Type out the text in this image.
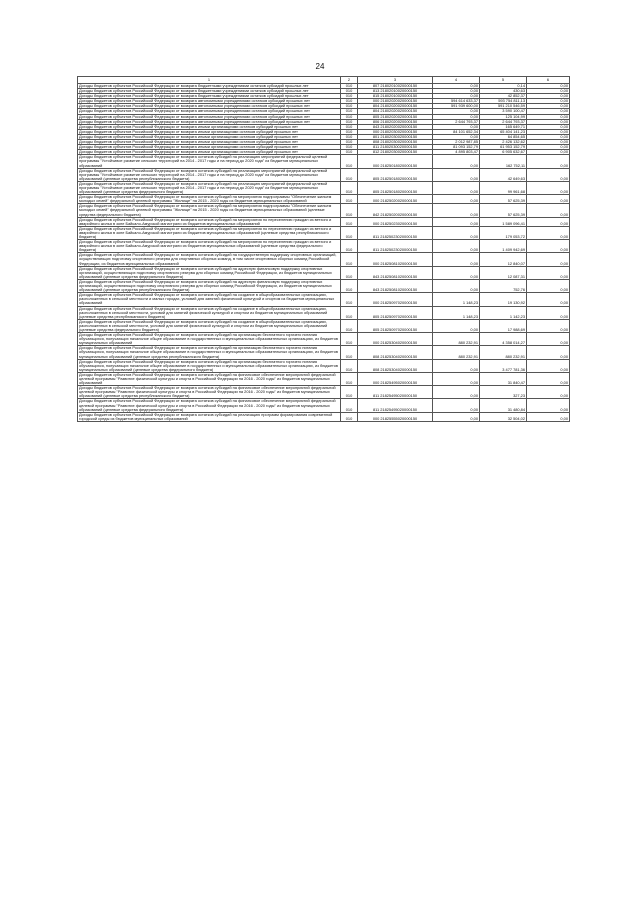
24
1	2	3	4	5	6
Доходы бюджетов субъектов Российской Федерации от возврата бюджетными учреждениями остатков субсидий прошлых лет	010	807 21802010020000150	0,00	0,14	0,00
Доходы бюджетов субъектов Российской Федерации от возврата бюджетными учреждениями остатков субсидий прошлых лет	010	813 21802010020000150	0,00	430,63	0,00
Доходы бюджетов субъектов Российской Федерации от возврата бюджетными учреждениями остатков субсидий прошлых лет	010	815 21802010020000150	0,00	42 852,37	0,00
Доходы бюджетов субъектов Российской Федерации от возврата автономными учреждениями остатков субсидий прошлых лет	010	000 21802020020000150	594 614 633,37	593 754 811,13	0,00
Доходы бюджетов субъектов Российской Федерации от возврата автономными учреждениями остатков субсидий прошлых лет	010	804 21802020020000150	591 939 600,00	591 210 546,59	0,00
Доходы бюджетов субъектов Российской Федерации от возврата автономными учреждениями остатков субсидий прошлых лет	010	804 21802020020000150	0,00	3 590 100,47	0,00
Доходы бюджетов субъектов Российской Федерации от возврата автономными учреждениями остатков субсидий прошлых лет	010	805 21802020020000150	0,00	125 104,99	0,00
Доходы бюджетов субъектов Российской Федерации от возврата автономными учреждениями остатков субсидий прошлых лет	010	806 21802020020000150	2 644 793,37	2 644 793,37	0,00
Доходы бюджетов субъектов Российской Федерации от возврата иными организациями остатков субсидий прошлых лет	010	843 21802020020000150	0,00	165 649,71	0,00
Доходы бюджетов субъектов Российской Федерации от возврата иными организациями остатков субсидий прошлых лет	010	000 21802030020000150	84 101 652,34	65 404 141,23	0,00
Доходы бюджетов субъектов Российской Федерации от возврата иными организациями остатков субсидий прошлых лет	010	801 21802030020000150	0,00	64 854,65	0,00
Доходы бюджетов субъектов Российской Федерации от возврата иными организациями остатков субсидий прошлых лет	010	808 21802030020000150	2 012 987,85	2 426 132,62	0,00
Доходы бюджетов субъектов Российской Федерации от возврата иными организациями остатков субсидий прошлых лет	010	811 21802030020000150	81 093 152,79	61 953 152,79	0,00
Доходы бюджетов субъектов Российской Федерации от возврата иными организациями остатков субсидий прошлых лет	010	812 21802030020000150	4 895 803,47	6 905 632,67	0,00
Доходы бюджетов субъектов Российской Федерации от возврата остатков субсидий на реализацию мероприятий федеральной целевой программы "Устойчивое развитие сельских территорий на 2014 - 2017 годы и на период до 2020 года" из бюджетов муниципальных образований	010	000 21825018020000150	0,00	162 752,11	0,00
Доходы бюджетов субъектов Российской Федерации от возврата остатков субсидий на реализацию мероприятий федеральной целевой программы "Устойчивое развитие сельских территорий на 2014 - 2017 годы и на период до 2020 года" из бюджетов муниципальных образований (целевые средства республиканского бюджета)	010	805 21825018020000150	0,00	42 649,63	0,00
Доходы бюджетов субъектов Российской Федерации от возврата остатков субсидий на реализацию мероприятий федеральной целевой программы "Устойчивое развитие сельских территорий на 2014 - 2017 годы и на период до 2020 года" из бюджетов муниципальных образований (целевые средства федерального бюджета)	010	805 21825018020000150	0,00	99 961,68	0,00
Доходы бюджетов субъектов Российской Федерации от возврата остатков субсидий на мероприятия подпрограммы "Обеспечение жильем молодых семей" федеральной целевой программы "Жилище" на 2015 - 2020 годы из бюджетов муниципальных образований	010	000 21825020020000150	0,00	57 625,39	0,00
Доходы бюджетов субъектов Российской Федерации от возврата остатков субсидий на мероприятия подпрограммы "Обеспечение жильем молодых семей" федеральной целевой программы "Жилище" на 2015 - 2020 годы из бюджетов муниципальных образований (целевые средства федерального бюджета)	010	842 21825020020000150	0,00	57 625,39	0,00
Доходы бюджетов субъектов Российской Федерации от возврата остатков субсидий на мероприятия по переселению граждан из ветхого и аварийного жилья в зоне Байкало-Амурской магистрали из бюджетов муниципальных образований	010	000 21825023020000150	0,00	1 589 096,41	0,00
Доходы бюджетов субъектов Российской Федерации от возврата остатков субсидий на мероприятия по переселению граждан из ветхого и аварийного жилья в зоне Байкало-Амурской магистрали из бюджетов муниципальных образований (целевые средства республиканского бюджета)	010	811 21825023020000150	0,00	179 053,72	0,00
Доходы бюджетов субъектов Российской Федерации от возврата остатков субсидий на мероприятия по переселению граждан из ветхого и аварийного жилья в зоне Байкало-Амурской магистрали из бюджетов муниципальных образований (целевые средства федерального бюджета)	010	811 21825023020000150	0,00	1 409 942,69	0,00
Доходы бюджетов субъектов Российской Федерации от возврата остатков субсидий на государственную поддержку спортивных организаций, осуществляющих подготовку спортивного резерва для спортивных сборных команд, в том числе спортивных сборных команд Российской Федерации, из бюджетов муниципальных образований	010	000 21825081020000150	0,00	12 840,07	0,00
Доходы бюджетов субъектов Российской Федерации от возврата остатков субсидий на адресную финансовую поддержку спортивных организаций, осуществляющих подготовку спортивного резерва для сборных команд Российской Федерации, из бюджетов муниципальных образований (целевые средства федерального бюджета)	010	843 21825081020000150	0,00	12 087,31	0,00
Доходы бюджетов субъектов Российской Федерации от возврата остатков субсидий на адресную финансовую поддержку спортивных организаций, осуществляющих подготовку спортивного резерва для сборных команд Российской Федерации, из бюджетов муниципальных образований (целевые средства республиканского бюджета)	010	843 21825081020000150	0,00	752,76	0,00
Доходы бюджетов субъектов Российской Федерации от возврата остатков субсидий на создание в общеобразовательных организациях, расположенных в сельской местности и малых городах, условий для занятий физической культурой и спортом из бюджетов муниципальных образований	010	000 21825097020000150	1 148,23	19 130,92	0,00
Доходы бюджетов субъектов Российской Федерации от возврата остатков субсидий на создание в общеобразовательных организациях, расположенных в сельской местности, условий для занятий физической культурой и спортом из бюджетов муниципальных образований (целевые средства республиканского бюджета)	010	805 21825097020000150	1 148,23	1 142,23	0,00
Доходы бюджетов субъектов Российской Федерации от возврата остатков субсидий на создание в общеобразовательных организациях, расположенных в сельской местности, условий для занятий физической культурой и спортом из бюджетов муниципальных образований (целевые средства федерального бюджета)	010	805 21825097020000150	0,00	17 988,69	0,00
Доходы бюджетов субъектов Российской Федерации от возврата остатков субсидий на организацию бесплатного горячего питания обучающихся, получающих начальное общее образование в государственных и муниципальных образовательных организациях, из бюджетов муниципальных образований	010	000 21825304020000150	880 232,91	4 358 014,27	0,00
Доходы бюджетов субъектов Российской Федерации от возврата остатков субсидий на организацию бесплатного горячего питания обучающихся, получающих начальное общее образование в государственных и муниципальных образовательных организациях, из бюджетов муниципальных образований (целевые средства республиканского бюджета)	010	808 21825304020000150	880 232,91	880 232,91	0,00
Доходы бюджетов субъектов Российской Федерации от возврата остатков субсидий на организацию бесплатного горячего питания обучающихся, получающих начальное общее образование в государственных и муниципальных образовательных организациях, из бюджетов муниципальных образований (целевые средства федерального бюджета)	010	808 21825304020000150	0,00	3 477 781,36	0,00
Доходы бюджетов субъектов Российской Федерации от возврата остатков субсидий на финансовое обеспечение мероприятий федеральной целевой программы "Развитие физической культуры и спорта в Российской Федерации на 2016 - 2020 годы" из бюджетов муниципальных образований	010	000 21825495020000150	0,00	31 840,47	0,00
Доходы бюджетов субъектов Российской Федерации от возврата остатков субсидий на финансовое обеспечение мероприятий федеральной целевой программы "Развитие физической культуры и спорта в Российской Федерации на 2016 - 2020 годы" из бюджетов муниципальных образований (целевые средства республиканского бюджета)	010	811 21825495020000150	0,00	327,23	0,00
Доходы бюджетов субъектов Российской Федерации от возврата остатков субсидий на финансовое обеспечение мероприятий федеральной целевой программы "Развитие физической культуры и спорта в Российской Федерации на 2016 - 2020 годы" из бюджетов муниципальных образований (целевые средства федерального бюджета)	010	811 21825495020000150	0,00	31 480,84	0,00
Доходы бюджетов субъектов Российской Федерации от возврата остатков субсидий на реализацию программ формирования современной городской среды из бюджетов муниципальных образований	010	000 21825555020000150	0,00	32 504,02	0,00
